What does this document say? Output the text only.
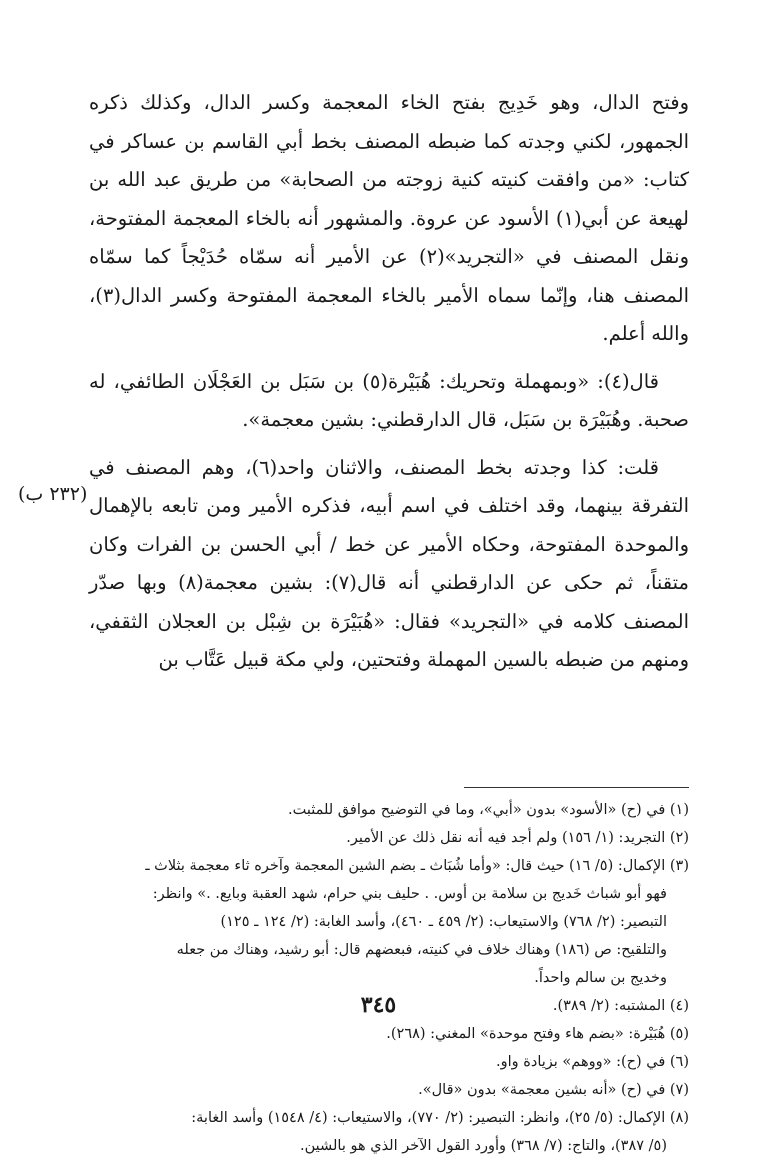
وفتح الدال، وهو خَدِيج بفتح الخاء المعجمة وكسر الدال، وكذلك ذكره الجمهور، لكني وجدته كما ضبطه المصنف بخط أبي القاسم بن عساكر في كتاب: «من وافقت كنيته كنية زوجته من الصحابة» من طريق عبد الله بن لهيعة عن أبي(١) الأسود عن عروة. والمشهور أنه بالخاء المعجمة المفتوحة، ونقل المصنف في «التجريد»(٢) عن الأمير أنه سمّاه حُدَيْجاً كما سمّاه المصنف هنا، وإنّما سماه الأمير بالخاء المعجمة المفتوحة وكسر الدال(٣)، والله أعلم.

قال(٤): «وبمهملة وتحريك: هُبَيْرة(٥) بن سَبَل بن العَجْلَان الطائفي، له صحبة. وهُبَيْرَة بن سَبَل، قال الدارقطني: بشين معجمة».

قلت: كذا وجدته بخط المصنف، والاثنان واحد(٦)، وهم المصنف في التفرقة بينهما، وقد اختلف في اسم أبيه، فذكره الأمير ومن تابعه بالإهمال والموحدة المفتوحة، وحكاه الأمير عن خط / أبي الحسن بن الفرات وكان متقناً، ثم حكى عن الدارقطني أنه قال(٧): بشين معجمة(٨) وبها صدّر المصنف كلامه في «التجريد» فقال: «هُبَيْرَة بن شِبْل بن العجلان الثقفي، ومنهم من ضبطه بالسين المهملة وفتحتين، ولي مكة قبيل عَتَّاب بن

(٢٣٢ ب)

(١) في (ح) «الأسود» بدون «أبي»، وما في التوضيح موافق للمثبت.

(٢) التجريد: (١/ ١٥٦) ولم أجد فيه أنه نقل ذلك عن الأمير.

(٣) الإكمال: (٥/ ١٦) حيث قال: «وأما شُبَاث ـ بضم الشين المعجمة وآخره ثاء معجمة بثلاث ـ

فهو أبو شباث خَديج بن سلامة بن أوس. . حليف بني حرام، شهد العقبة وبايع. .» وانظر:

التبصير: (٢/ ٧٦٨) والاستيعاب: (٢/ ٤٥٩ ـ ٤٦٠)، وأسد الغابة: (٢/ ١٢٤ ـ ١٢٥)

والتلقيح: ص (١٨٦) وهناك خلاف في كنيته، فبعضهم قال: أبو رشيد، وهناك من جعله

وخديج بن سالم واحداً.

(٤) المشتبه: (٢/ ٣٨٩).

(٥) هُبَيْرة: «بضم هاء وفتح موحدة» المغني: (٢٦٨).

(٦) في (ح): «ووهم» بزيادة واو.

(٧) في (ح) «أنه بشين معجمة» بدون «قال».

(٨) الإكمال: (٥/ ٢٥)، وانظر: التبصير: (٢/ ٧٧٠)، والاستيعاب: (٤/ ١٥٤٨) وأسد الغابة:

(٥/ ٣٨٧)، والتاج: (٧/ ٣٦٨) وأورد القول الآخر الذي هو بالشين.

٣٤٥
